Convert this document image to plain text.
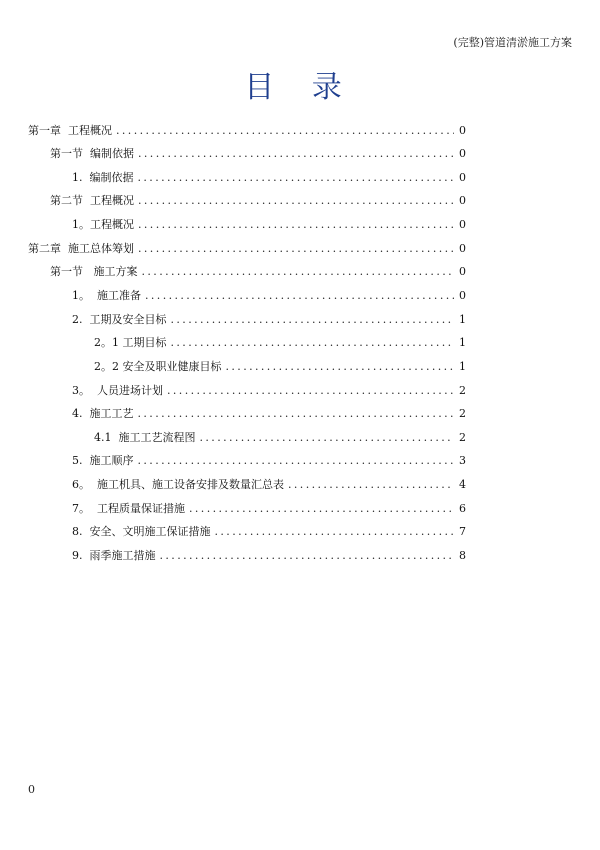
(完整)管道清淤施工方案
目 录
第一章  工程概况 .....	0
第一节  编制依据 .....	0
1.  编制依据 .....	0
第二节  工程概况 .....	0
1。工程概况 .....	0
第二章  施工总体筹划 .....	0
第一节   施工方案 .....	0
1。  施工准备 .....	0
2.  工期及安全目标 .....	1
2。1 工期目标 .....	1
2。2 安全及职业健康目标 .....	1
3。  人员进场计划 .....	2
4.  施工工艺 .....	2
4.1  施工工艺流程图 .....	2
5.  施工顺序 .....	3
6。  施工机具、施工设备安排及数量汇总表 .....	4
7。  工程质量保证措施 .....	6
8.  安全、文明施工保证措施 .....	7
9.  雨季施工措施 .....	8
0
